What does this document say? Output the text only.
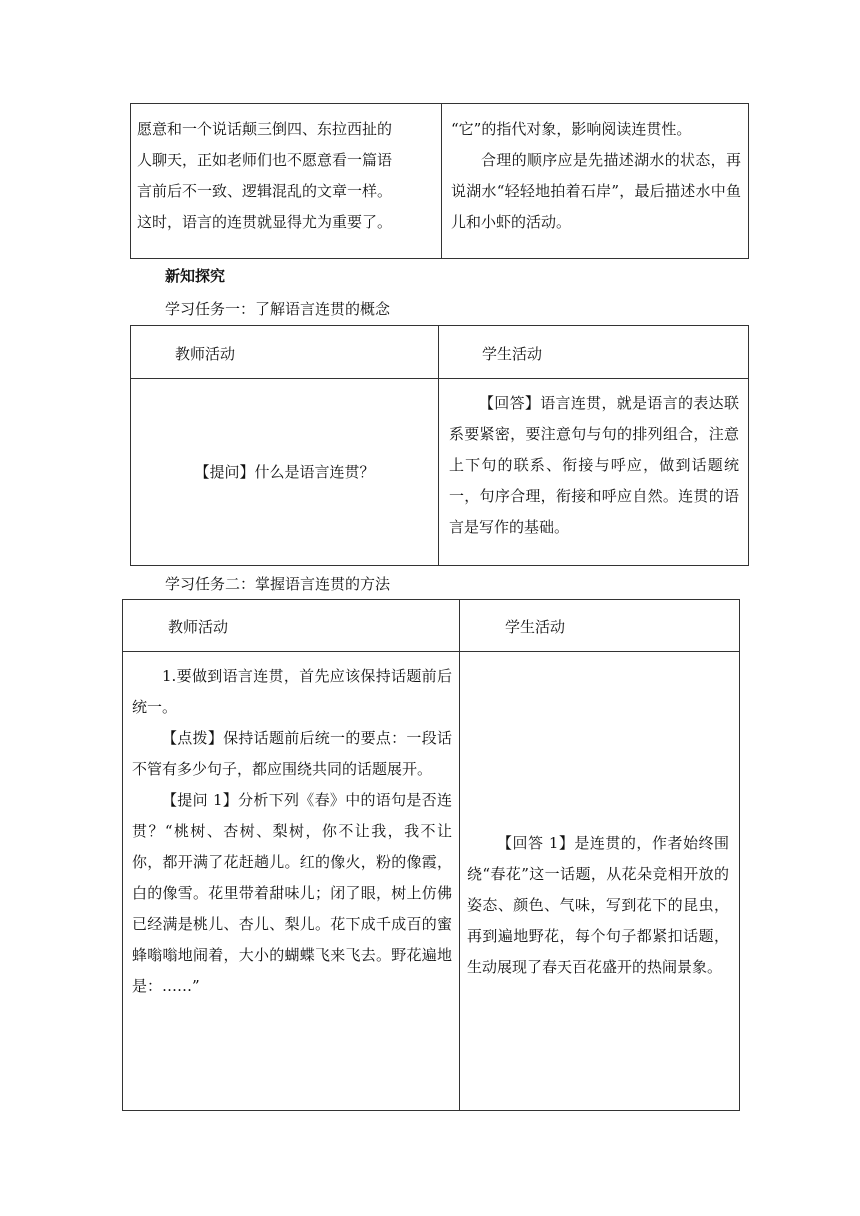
愿意和一个说话颠三倒四、东拉西扯的

人聊天，正如老师们也不愿意看一篇语

言前后不一致、逻辑混乱的文章一样。

这时，语言的连贯就显得尤为重要了。

“它”的指代对象，影响阅读连贯性。

合理的顺序应是先描述湖水的状态，再说湖水“轻轻地拍着石岸”，最后描述水中鱼儿和小虾的活动。

新知探究
学习任务一：了解语言连贯的概念
教师活动	学生活动
【提问】什么是语言连贯？

【回答】语言连贯，就是语言的表达联系要紧密，要注意句与句的排列组合，注意上下句的联系、衔接与呼应，做到话题统一，句序合理，衔接和呼应自然。连贯的语言是写作的基础。

学习任务二：掌握语言连贯的方法
教师活动	学生活动

1.要做到语言连贯，首先应该保持话题前后统一。

【点拨】保持话题前后统一的要点：一段话不管有多少句子，都应围绕共同的话题展开。

【提问 1】分析下列《春》中的语句是否连贯？“桃树、杏树、梨树，你不让我，我不让你，都开满了花赶趟儿。红的像火，粉的像霞，白的像雪。花里带着甜味儿；闭了眼，树上仿佛已经满是桃儿、杏儿、梨儿。花下成千成百的蜜蜂嗡嗡地闹着，大小的蝴蝶飞来飞去。野花遍地是：……”

【回答 1】是连贯的，作者始终围绕“春花”这一话题，从花朵竞相开放的姿态、颜色、气味，写到花下的昆虫，再到遍地野花，每个句子都紧扣话题，生动展现了春天百花盛开的热闹景象。
